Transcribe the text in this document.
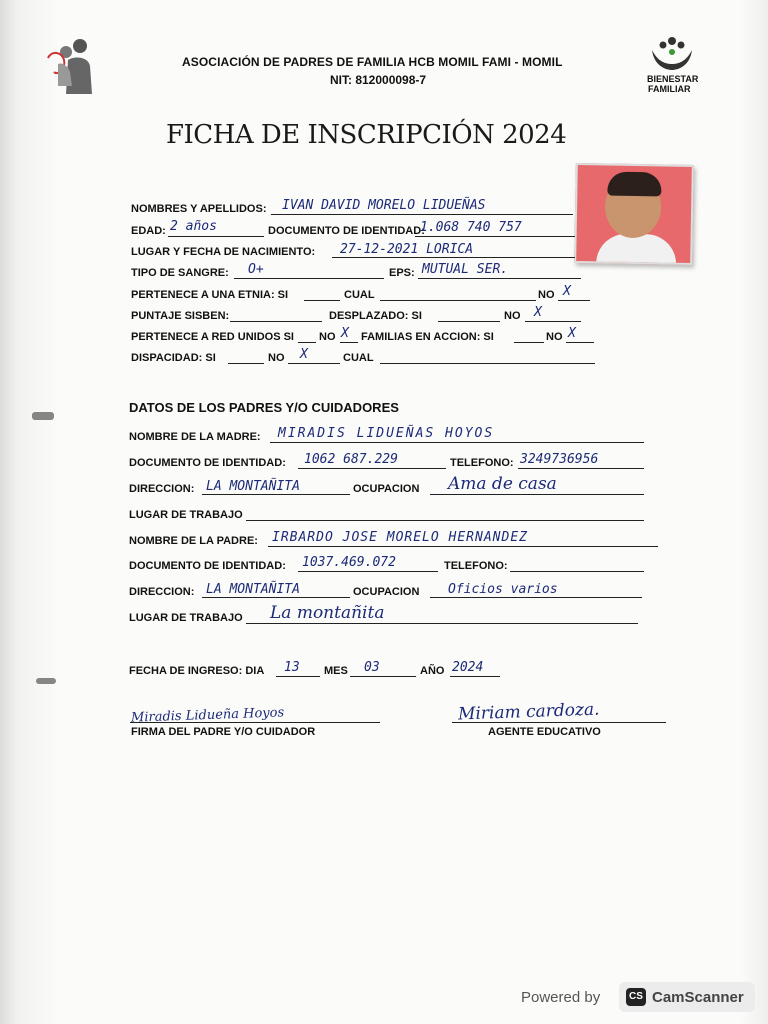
ASOCIACIÓN DE PADRES DE FAMILIA HCB MOMIL FAMI - MOMIL
NIT: 812000098-7	BIENESTAR
FAMILIAR
FICHA DE INSCRIPCIÓN 2024
NOMBRES Y APELLIDOS: IVAN DAVID MORELO LIDUEÑAS
EDAD: 2 años	DOCUMENTO DE IDENTIDAD:
1.068 740 757
LUGAR Y FECHA DE NACIMIENTO: 27-12-2021 LORICA
TIPO DE SANGRE: O+	EPS: MUTUAL SER.
PERTENECE A UNA ETNIA: SI	CUAL	NO X
PUNTAJE SISBEN:	DESPLAZADO: SI	NO X
PERTENECE A RED UNIDOS SI NO X FAMILIAS EN ACCION: SI	NO X
DISPACIDAD: SI	NO X	CUAL
DATOS DE LOS PADRES Y/O CUIDADORES
NOMBRE DE LA MADRE: MIRADIS LIDUEÑAS HOYOS
DOCUMENTO DE IDENTIDAD: 1062 687.229	TELEFONO: 3249736956
DIRECCION: LA MONTAÑITA	OCUPACION Ama de casa
LUGAR DE TRABAJO
NOMBRE DE LA PADRE: IRBARDO JOSE MORELO HERNANDEZ
DOCUMENTO DE IDENTIDAD: 1037.469.072	TELEFONO:
DIRECCION: LA MONTAÑITA	OCUPACION Oficios varios
LUGAR DE TRABAJO La montañita
FECHA DE INGRESO: DIA 13 MES 03	AÑO 2024
Miradis Lidueña Hoyos
FIRMA DEL PADRE Y/O CUIDADOR
Miriam cardoza.
AGENTE EDUCATIVO
Powered by	CS CamScanner
